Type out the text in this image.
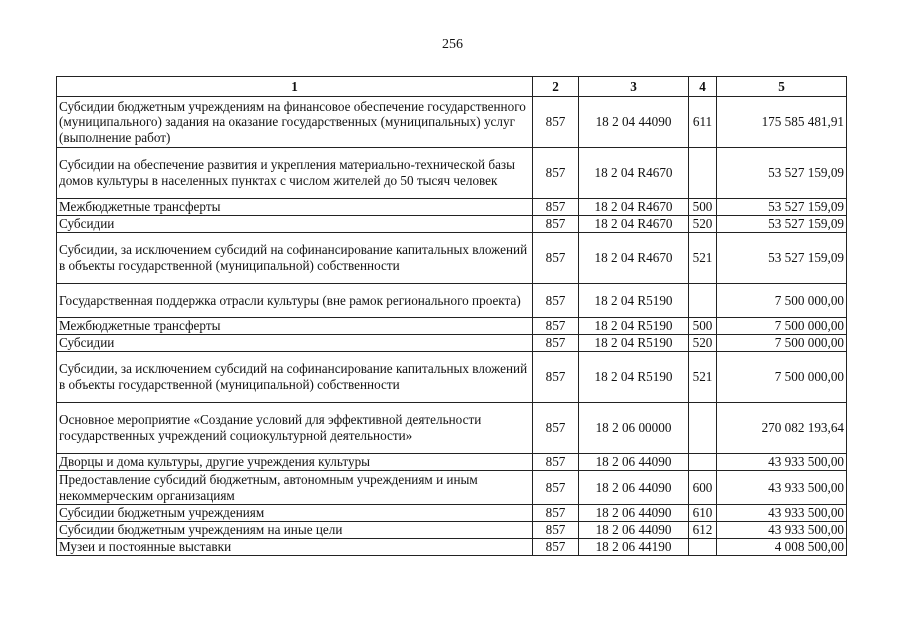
256
1	2	3	4	5
Субсидии бюджетным учреждениям на финансовое обеспечение государственного (муниципального) задания на оказание государственных (муниципальных) услуг (выполнение работ)	857	18 2 04 44090	611	175 585 481,91
Субсидии на обеспечение развития и укрепления материально-технической базы домов культуры в населенных пунктах с числом жителей до 50 тысяч человек	857	18 2 04 R4670		53 527 159,09
Межбюджетные трансферты	857	18 2 04 R4670	500	53 527 159,09
Субсидии	857	18 2 04 R4670	520	53 527 159,09
Субсидии, за исключением субсидий на софинансирование капитальных вложений в объекты государственной (муниципальной) собственности	857	18 2 04 R4670	521	53 527 159,09
Государственная поддержка отрасли культуры (вне рамок регионального проекта)	857	18 2 04 R5190		7 500 000,00
Межбюджетные трансферты	857	18 2 04 R5190	500	7 500 000,00
Субсидии	857	18 2 04 R5190	520	7 500 000,00
Субсидии, за исключением субсидий на софинансирование капитальных вложений в объекты государственной (муниципальной) собственности	857	18 2 04 R5190	521	7 500 000,00
Основное мероприятие «Создание условий для эффективной деятельности государственных учреждений социокультурной деятельности»	857	18 2 06 00000		270 082 193,64
Дворцы и дома культуры, другие учреждения культуры	857	18 2 06 44090		43 933 500,00
Предоставление субсидий бюджетным, автономным учреждениям и иным некоммерческим организациям	857	18 2 06 44090	600	43 933 500,00
Субсидии бюджетным учреждениям	857	18 2 06 44090	610	43 933 500,00
Субсидии бюджетным учреждениям на иные цели	857	18 2 06 44090	612	43 933 500,00
Музеи и постоянные выставки	857	18 2 06 44190		4 008 500,00
